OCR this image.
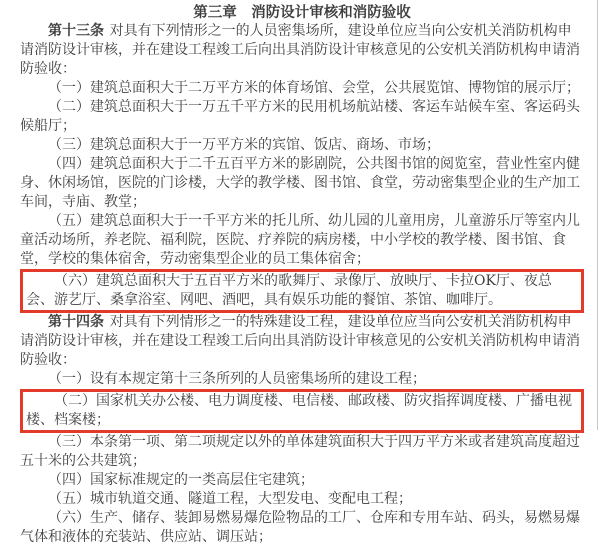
第三章　消防设计审核和消防验收

第十三条 对具有下列情形之一的人员密集场所，建设单位应当向公安机关消防机构申请消防设计审核，并在建设工程竣工后向出具消防设计审核意见的公安机关消防机构申请消防验收：

（一）建筑总面积大于二万平方米的体育场馆、会堂，公共展览馆、博物馆的展示厅；

（二）建筑总面积大于一万五千平方米的民用机场航站楼、客运车站候车室、客运码头候船厅；

（三）建筑总面积大于一万平方米的宾馆、饭店、商场、市场；

（四）建筑总面积大于二千五百平方米的影剧院，公共图书馆的阅览室，营业性室内健身、休闲场馆，医院的门诊楼，大学的教学楼、图书馆、食堂，劳动密集型企业的生产加工车间，寺庙、教堂；

（五）建筑总面积大于一千平方米的托儿所、幼儿园的儿童用房，儿童游乐厅等室内儿童活动场所，养老院、福利院，医院、疗养院的病房楼，中小学校的教学楼、图书馆、食堂，学校的集体宿舍，劳动密集型企业的员工集体宿舍；

（六）建筑总面积大于五百平方米的歌舞厅、录像厅、放映厅、卡拉OK厅、夜总会、游艺厅、桑拿浴室、网吧、酒吧，具有娱乐功能的餐馆、茶馆、咖啡厅。

第十四条 对具有下列情形之一的特殊建设工程，建设单位应当向公安机关消防机构申请消防设计审核，并在建设工程竣工后向出具消防设计审核意见的公安机关消防机构申请消防验收：

（一）设有本规定第十三条所列的人员密集场所的建设工程；

（二）国家机关办公楼、电力调度楼、电信楼、邮政楼、防灾指挥调度楼、广播电视楼、档案楼；

（三）本条第一项、第二项规定以外的单体建筑面积大于四万平方米或者建筑高度超过五十米的公共建筑；

（四）国家标准规定的一类高层住宅建筑；

（五）城市轨道交通、隧道工程，大型发电、变配电工程；

（六）生产、储存、装卸易燃易爆危险物品的工厂、仓库和专用车站、码头，易燃易爆气体和液体的充装站、供应站、调压站；
